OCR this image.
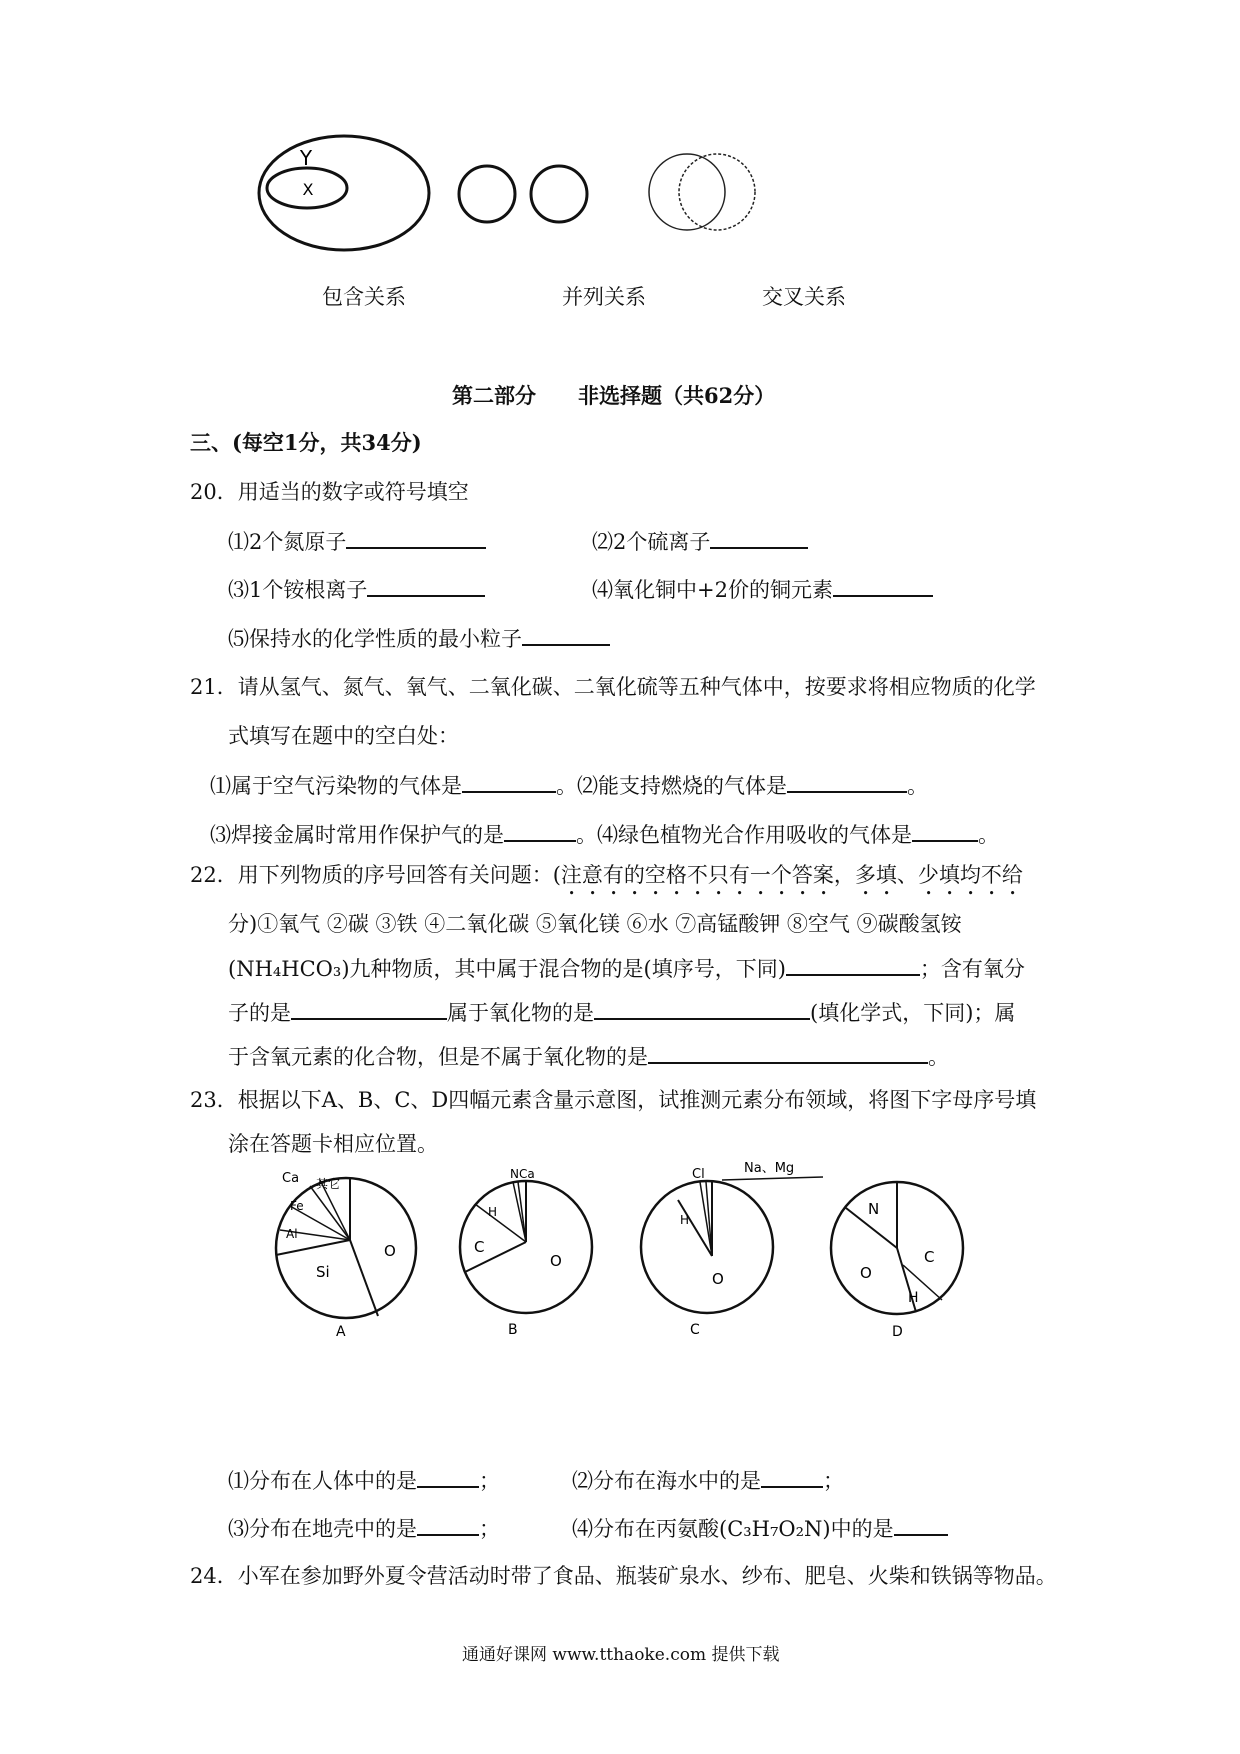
Y
X
包含关系	并列关系	交叉关系
第二部分　　非选择题（共62分）
三、(每空1分，共34分)
20．用适当的数字或符号填空
⑴2个氮原子	⑵2个硫离子
⑶1个铵根离子	⑷氧化铜中+2价的铜元素
⑸保持水的化学性质的最小粒子
21．请从氢气、氮气、氧气、二氧化碳、二氧化硫等五种气体中，按要求将相应物质的化学
式填写在题中的空白处：
⑴属于空气污染物的气体是	。⑵能支持燃烧的气体是	。
⑶焊接金属时常用作保护气的是	。⑷绿色植物光合作用吸收的气体是	。
22．用下列物质的序号回答有关问题：(注意有的空格不只有一个答案，多填、少填均不给
分)①氧气 ②碳 ③铁 ④二氧化碳 ⑤氧化镁 ⑥水 ⑦高锰酸钾 ⑧空气 ⑨碳酸氢铵
(NH₄HCO₃)九种物质，其中属于混合物的是(填序号，下同)	；含有氧分
子的是	属于氧化物的是	(填化学式，下同)；属
于含氧元素的化合物，但是不属于氧化物的是	。
23．根据以下A、B、C、D四幅元素含量示意图，试推测元素分布领域，将图下字母序号填
涂在答题卡相应位置。
Ca 其它
Fe
Al
O
Si
A
NCa
H
C
O
B
Cl	Na、Mg
H
O
C
N
C
O
H
D
⑴分布在人体中的是	；	⑵分布在海水中的是	；
⑶分布在地壳中的是	；	⑷分布在丙氨酸(C₃H₇O₂N)中的是
24．小军在参加野外夏令营活动时带了食品、瓶装矿泉水、纱布、肥皂、火柴和铁锅等物品。
通通好课网 www.tthaoke.com 提供下载
